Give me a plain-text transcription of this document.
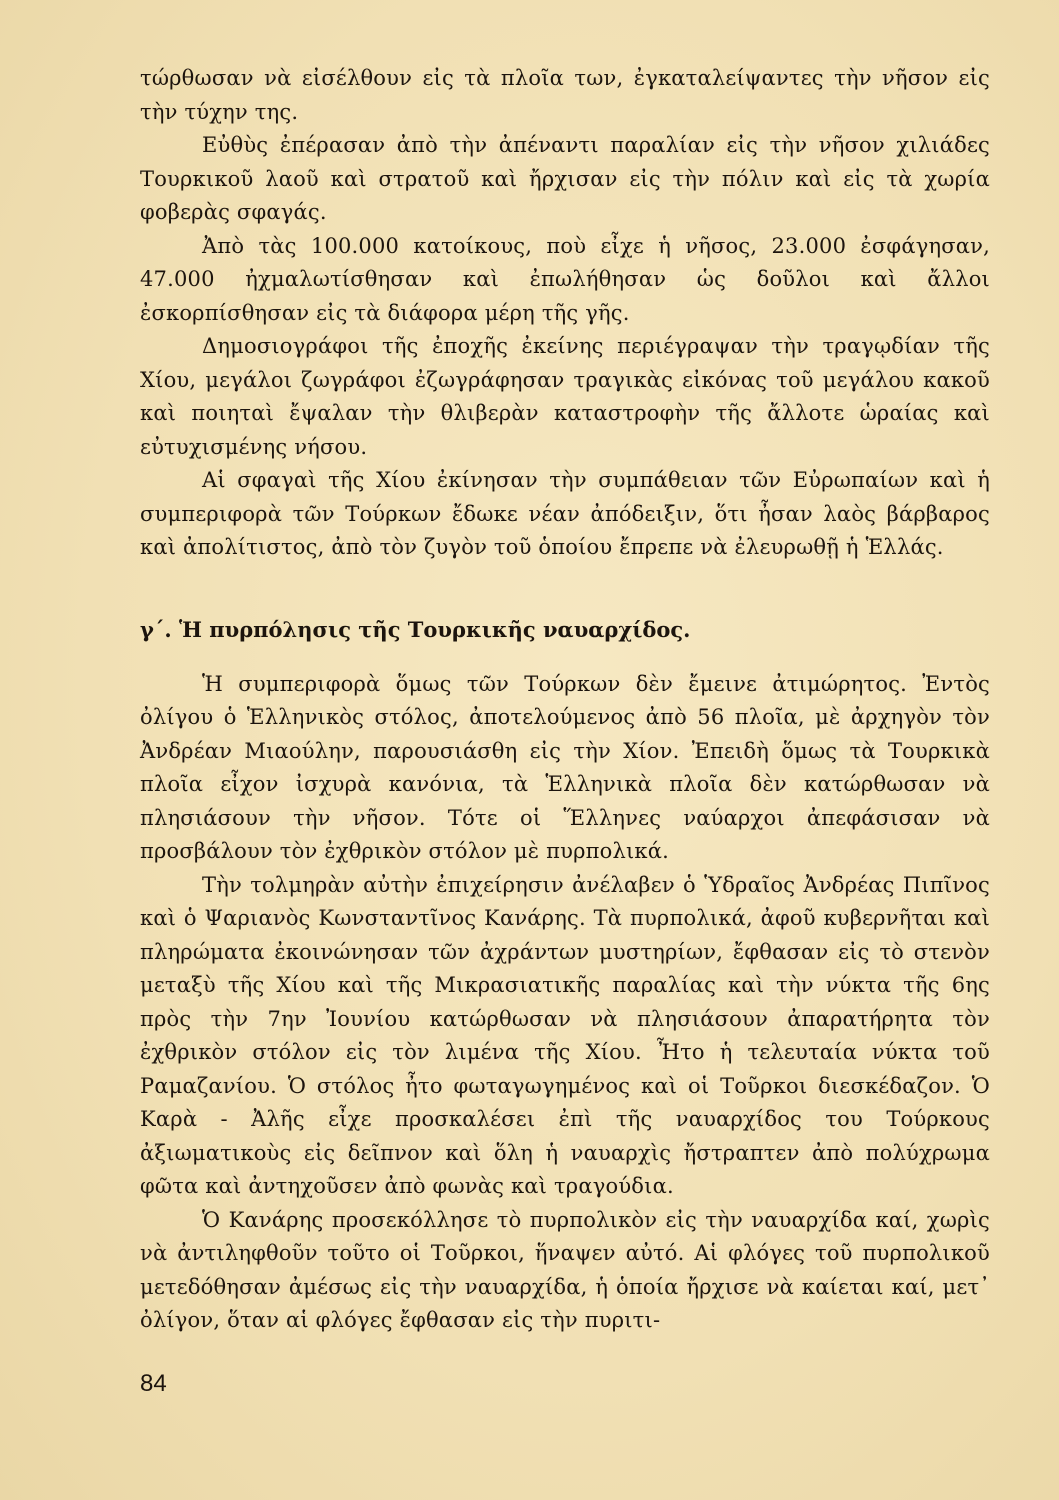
τώρθωσαν νὰ εἰσέλθουν εἰς τὰ πλοῖα των, ἐγκαταλείψαντες τὴν νῆσον εἰς τὴν τύχην της.

Εὐθὺς ἐπέρασαν ἀπὸ τὴν ἀπέναντι παραλίαν εἰς τὴν νῆσον χιλιάδες Τουρκικοῦ λαοῦ καὶ στρατοῦ καὶ ἤρχισαν εἰς τὴν πόλιν καὶ εἰς τὰ χωρία φοβερὰς σφαγάς.

Ἀπὸ τὰς 100.000 κατοίκους, ποὺ εἶχε ἡ νῆσος, 23.000 ἐσφάγησαν, 47.000 ἠχμαλωτίσθησαν καὶ ἐπωλήθησαν ὡς δοῦλοι καὶ ἄλλοι ἐσκορπίσθησαν εἰς τὰ διάφορα μέρη τῆς γῆς.

Δημοσιογράφοι τῆς ἐποχῆς ἐκείνης περιέγραψαν τὴν τραγῳδίαν τῆς Χίου, μεγάλοι ζωγράφοι ἐζωγράφησαν τραγικὰς εἰκόνας τοῦ μεγάλου κακοῦ καὶ ποιηταὶ ἔψαλαν τὴν θλιβερὰν καταστροφὴν τῆς ἄλλοτε ὡραίας καὶ εὐτυχισμένης νήσου.

Αἱ σφαγαὶ τῆς Χίου ἐκίνησαν τὴν συμπάθειαν τῶν Εὐρωπαίων καὶ ἡ συμπεριφορὰ τῶν Τούρκων ἔδωκε νέαν ἀπόδειξιν, ὅτι ἦσαν λαὸς βάρβαρος καὶ ἀπολίτιστος, ἀπὸ τὸν ζυγὸν τοῦ ὁποίου ἔπρεπε νὰ ἐλευρωθῇ ἡ Ἑλλάς.

γ΄. Ἡ πυρπόλησις τῆς Τουρκικῆς ναυαρχίδος.

Ἡ συμπεριφορὰ ὅμως τῶν Τούρκων δὲν ἔμεινε ἀτιμώρητος. Ἐντὸς ὀλίγου ὁ Ἑλληνικὸς στόλος, ἀποτελούμενος ἀπὸ 56 πλοῖα, μὲ ἀρχηγὸν τὸν Ἀνδρέαν Μιαούλην, παρουσιάσθη εἰς τὴν Χίον. Ἐπειδὴ ὅμως τὰ Τουρκικὰ πλοῖα εἶχον ἰσχυρὰ κανόνια, τὰ Ἑλληνικὰ πλοῖα δὲν κατώρθωσαν νὰ πλησιάσουν τὴν νῆσον. Τότε οἱ Ἕλληνες ναύαρχοι ἀπεφάσισαν νὰ προσβάλουν τὸν ἐχθρικὸν στόλον μὲ πυρπολικά.

Τὴν τολμηρὰν αὐτὴν ἐπιχείρησιν ἀνέλαβεν ὁ Ὑδραῖος Ἀνδρέας Πιπῖνος καὶ ὁ Ψαριανὸς Κωνσταντῖνος Κανάρης. Τὰ πυρπολικά, ἀφοῦ κυβερνῆται καὶ πληρώματα ἐκοινώνησαν τῶν ἀχράντων μυστηρίων, ἔφθασαν εἰς τὸ στενὸν μεταξὺ τῆς Χίου καὶ τῆς Μικρασιατικῆς παραλίας καὶ τὴν νύκτα τῆς 6ης πρὸς τὴν 7ην Ἰουνίου κατώρθωσαν νὰ πλησιάσουν ἀπαρατήρητα τὸν ἐχθρικὸν στόλον εἰς τὸν λιμένα τῆς Χίου. Ἦτο ἡ τελευταία νύκτα τοῦ Ραμαζανίου. Ὁ στόλος ἦτο φωταγωγημένος καὶ οἱ Τοῦρκοι διεσκέδαζον. Ὁ Καρὰ - Ἀλῆς εἶχε προσκαλέσει ἐπὶ τῆς ναυαρχίδος του Τούρκους ἀξιωματικοὺς εἰς δεῖπνον καὶ ὅλη ἡ ναυαρχὶς ἤστραπτεν ἀπὸ πολύχρωμα φῶτα καὶ ἀντηχοῦσεν ἀπὸ φωνὰς καὶ τραγούδια.

Ὁ Κανάρης προσεκόλλησε τὸ πυρπολικὸν εἰς τὴν ναυαρχίδα καί, χωρὶς νὰ ἀντιληφθοῦν τοῦτο οἱ Τοῦρκοι, ἥναψεν αὐτό. Αἱ φλόγες τοῦ πυρπολικοῦ μετεδόθησαν ἀμέσως εἰς τὴν ναυαρχίδα, ἡ ὁποία ἤρχισε νὰ καίεται καί, μετ᾽ ὀλίγον, ὅταν αἱ φλόγες ἔφθασαν εἰς τὴν πυριτι-

84
